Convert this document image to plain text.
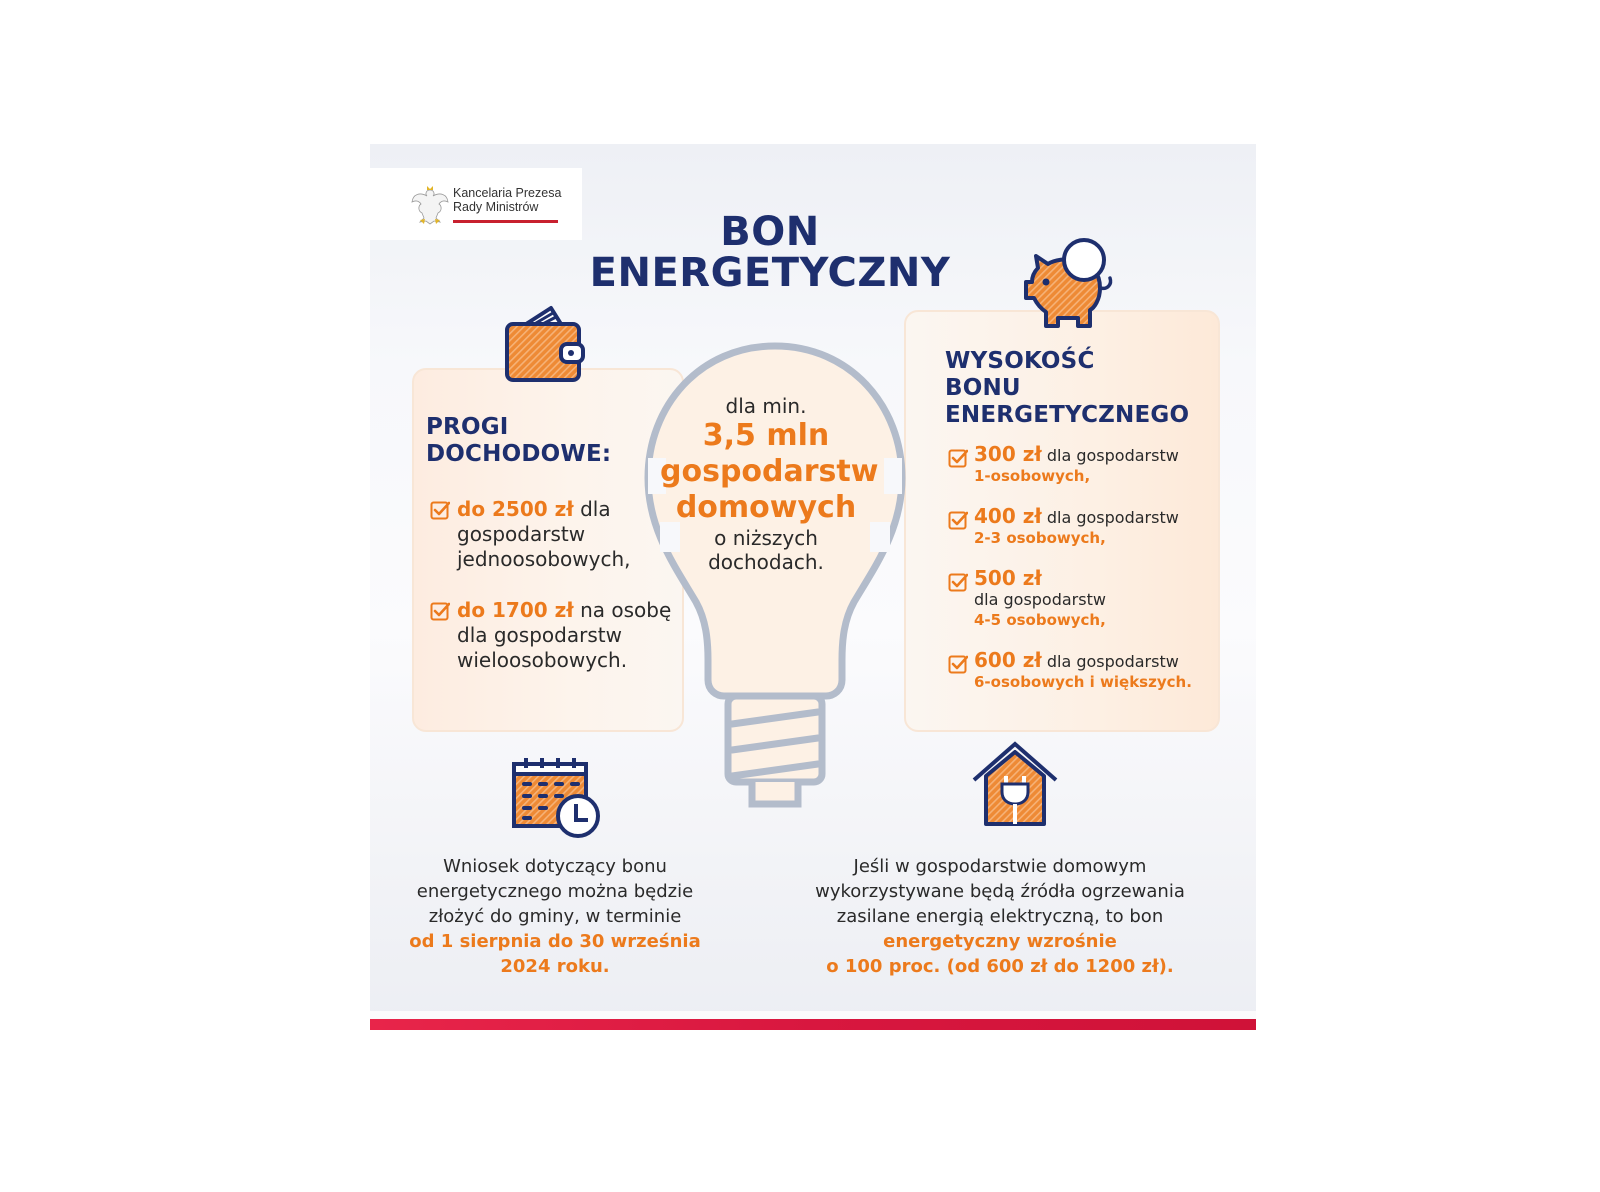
Kancelaria Prezesa
Rady Ministrów
BON
ENERGETYCZNY
PROGI
DOCHODOWE:
do 2500 zł dla gospodarstw jednoosobowych,
do 1700 zł na osobę dla gospodarstw wieloosobowych.
WYSOKOŚĆ
BONU
ENERGETYCZNEGO
300 zł dla gospodarstw
1-osobowych,
400 zł dla gospodarstw
2-3 osobowych,
500 zł
dla gospodarstw
4-5 osobowych,
600 zł dla gospodarstw
6-osobowych i większych.
dla min.
3,5 mln
gospodarstw
domowych
o niższych
dochodach.
Wniosek dotyczący bonu
energetycznego można będzie
złożyć do gminy, w terminie
od 1 sierpnia do 30 września
2024 roku.
Jeśli w gospodarstwie domowym
wykorzystywane będą źródła ogrzewania
zasilane energią elektryczną, to bon
energetyczny wzrośnie
o 100 proc. (od 600 zł do 1200 zł).
